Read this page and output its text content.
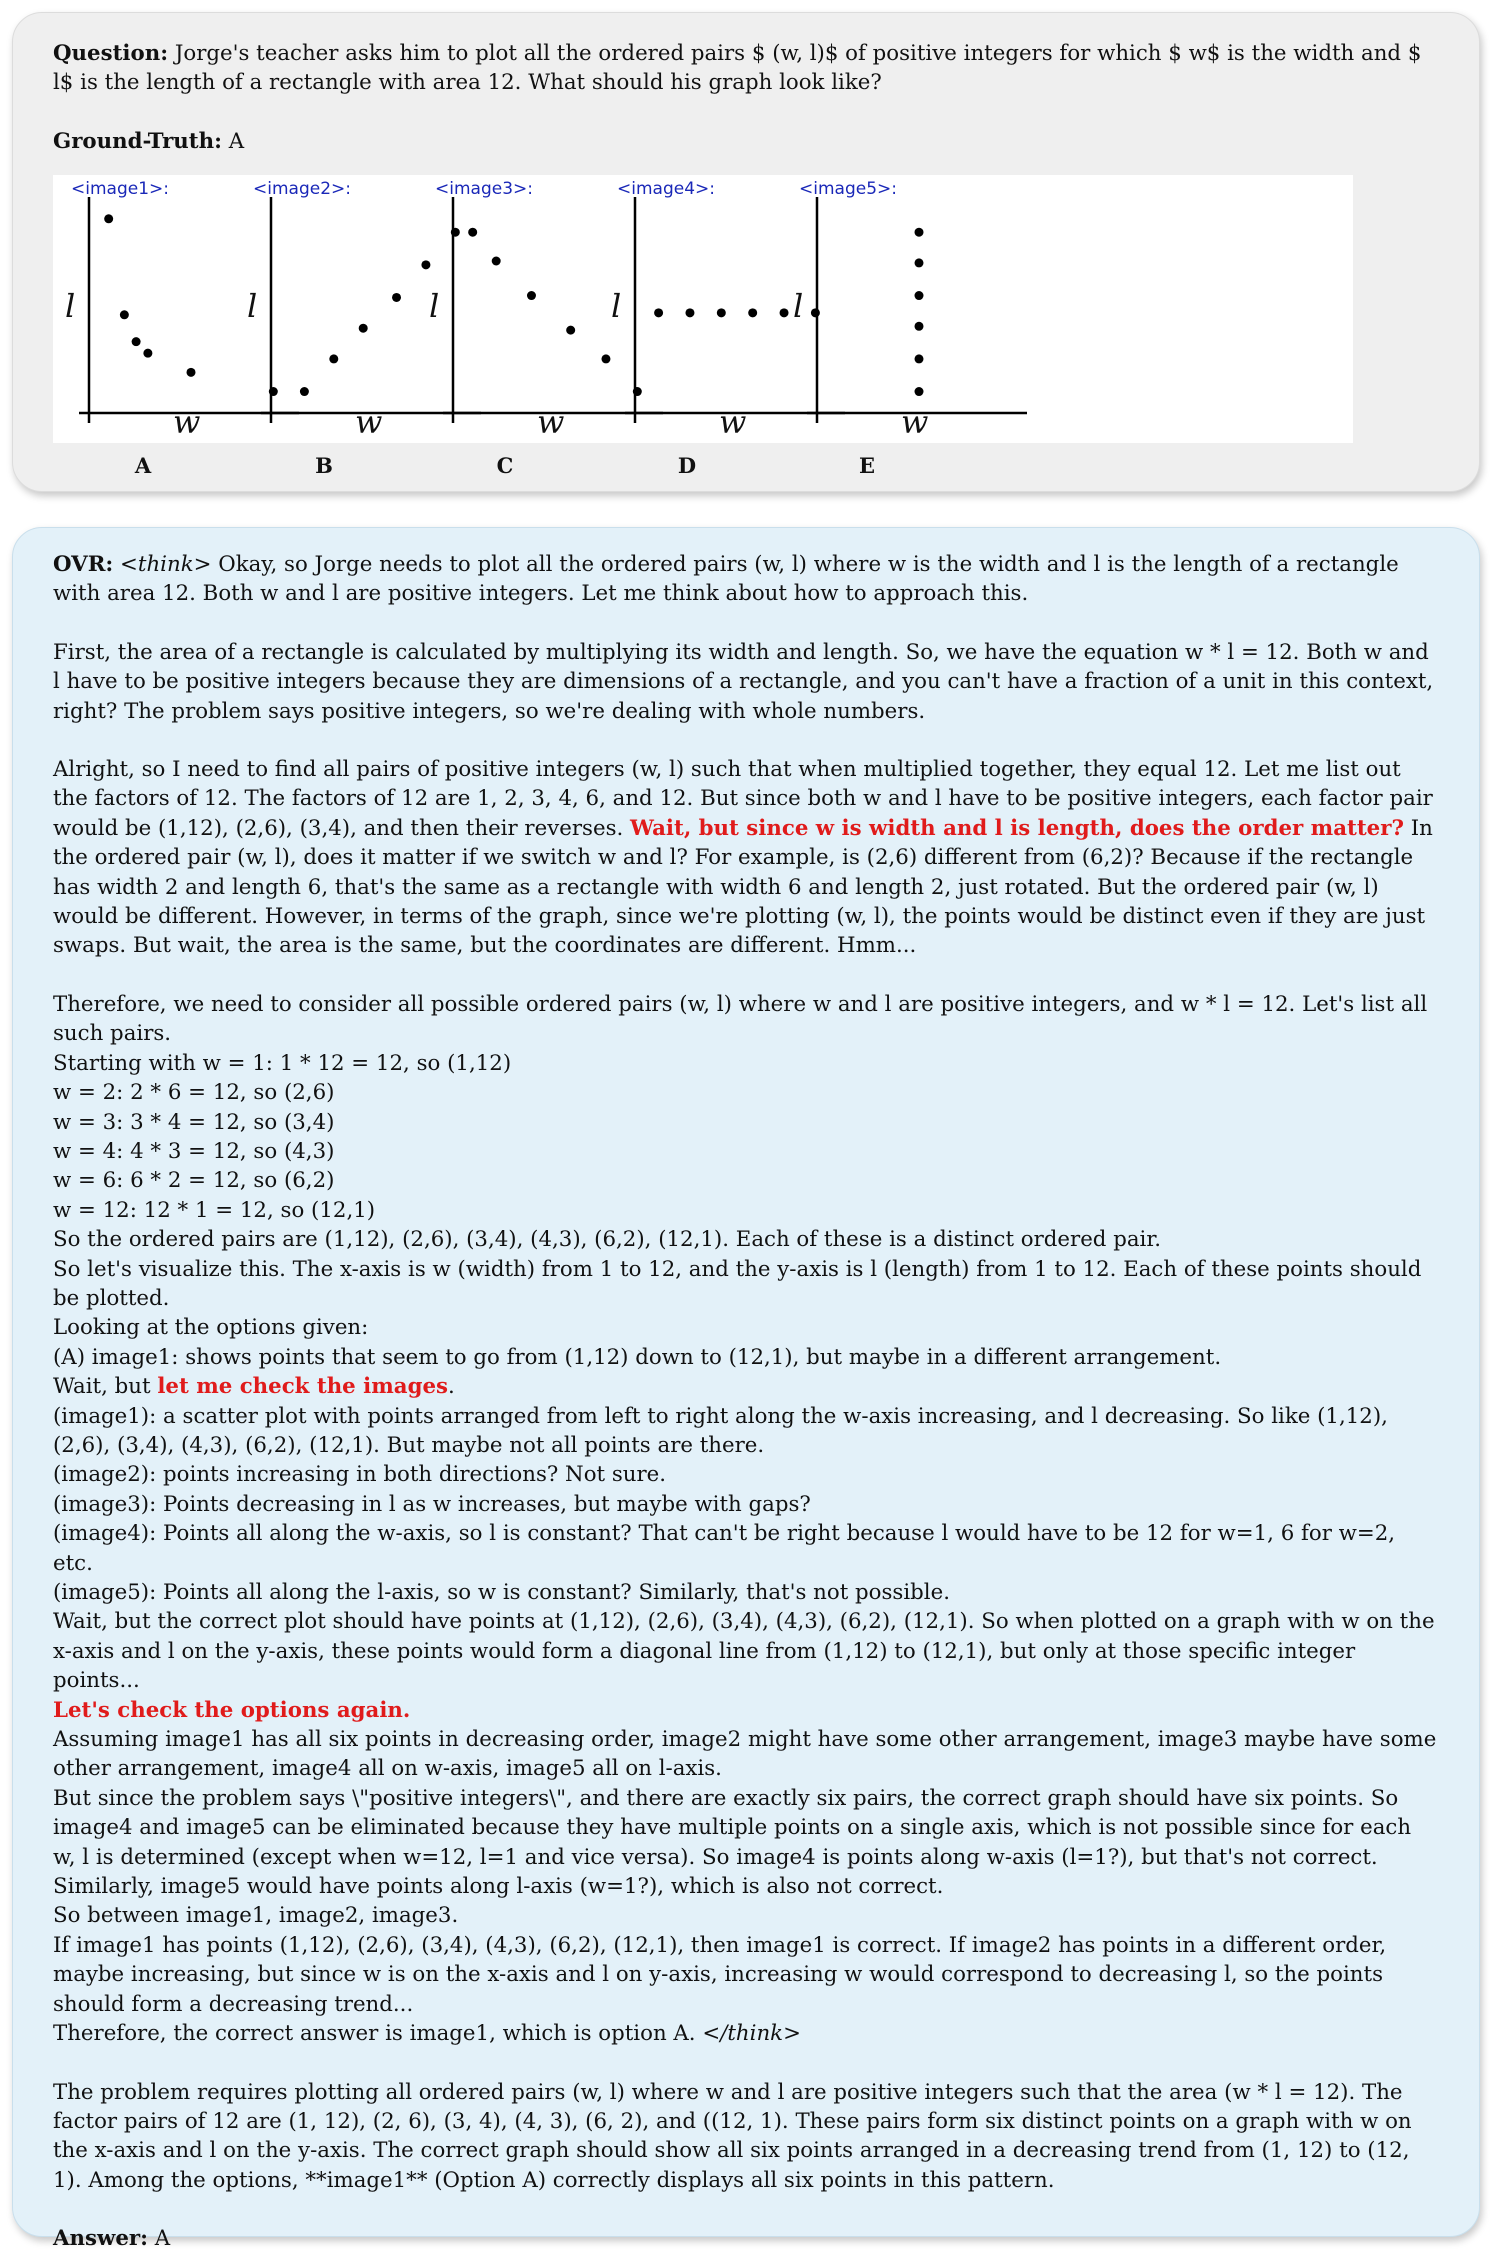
Question: Jorge's teacher asks him to plot all the ordered pairs $ (w, l)$ of positive integers for which $ w$ is the width and $ l$ is the length of a rectangle with area 12. What should his graph look like?

Ground-Truth: A

<image1>:
l
w
<image2>:
l
w
<image3>:
l
w
<image4>:
l
w
<image5>:
l
w
A	B	C	D	E

OVR: <think> Okay, so Jorge needs to plot all the ordered pairs (w, l) where w is the width and l is the length of a rectangle with area 12. Both w and l are positive integers. Let me think about how to approach this.

First, the area of a rectangle is calculated by multiplying its width and length. So, we have the equation w * l = 12. Both w and l have to be positive integers because they are dimensions of a rectangle, and you can't have a fraction of a unit in this context, right? The problem says positive integers, so we're dealing with whole numbers.

Alright, so I need to find all pairs of positive integers (w, l) such that when multiplied together, they equal 12. Let me list out the factors of 12. The factors of 12 are 1, 2, 3, 4, 6, and 12. But since both w and l have to be positive integers, each factor pair would be (1,12), (2,6), (3,4), and then their reverses. Wait, but since w is width and l is length, does the order matter? In the ordered pair (w, l), does it matter if we switch w and l? For example, is (2,6) different from (6,2)? Because if the rectangle has width 2 and length 6, that's the same as a rectangle with width 6 and length 2, just rotated. But the ordered pair (w, l) would be different. However, in terms of the graph, since we're plotting (w, l), the points would be distinct even if they are just swaps. But wait, the area is the same, but the coordinates are different. Hmm...

Therefore, we need to consider all possible ordered pairs (w, l) where w and l are positive integers, and w * l = 12. Let's list all such pairs.

Starting with w = 1: 1 * 12 = 12, so (1,12)

w = 2: 2 * 6 = 12, so (2,6)

w = 3: 3 * 4 = 12, so (3,4)

w = 4: 4 * 3 = 12, so (4,3)

w = 6: 6 * 2 = 12, so (6,2)

w = 12: 12 * 1 = 12, so (12,1)

So the ordered pairs are (1,12), (2,6), (3,4), (4,3), (6,2), (12,1). Each of these is a distinct ordered pair.

So let's visualize this. The x-axis is w (width) from 1 to 12, and the y-axis is l (length) from 1 to 12. Each of these points should be plotted.

Looking at the options given:

(A) image1: shows points that seem to go from (1,12) down to (12,1), but maybe in a different arrangement.

Wait, but let me check the images.

(image1): a scatter plot with points arranged from left to right along the w-axis increasing, and l decreasing. So like (1,12), (2,6), (3,4), (4,3), (6,2), (12,1). But maybe not all points are there.

(image2): points increasing in both directions? Not sure.

(image3): Points decreasing in l as w increases, but maybe with gaps?

(image4): Points all along the w-axis, so l is constant? That can't be right because l would have to be 12 for w=1, 6 for w=2, etc.

(image5): Points all along the l-axis, so w is constant? Similarly, that's not possible.

Wait, but the correct plot should have points at (1,12), (2,6), (3,4), (4,3), (6,2), (12,1). So when plotted on a graph with w on the x-axis and l on the y-axis, these points would form a diagonal line from (1,12) to (12,1), but only at those specific integer points...

Let's check the options again.

Assuming image1 has all six points in decreasing order, image2 might have some other arrangement, image3 maybe have some other arrangement, image4 all on w-axis, image5 all on l-axis.

But since the problem says \"positive integers\", and there are exactly six pairs, the correct graph should have six points. So image4 and image5 can be eliminated because they have multiple points on a single axis, which is not possible since for each w, l is determined (except when w=12, l=1 and vice versa). So image4 is points along w-axis (l=1?), but that's not correct. Similarly, image5 would have points along l-axis (w=1?), which is also not correct.

So between image1, image2, image3.

If image1 has points (1,12), (2,6), (3,4), (4,3), (6,2), (12,1), then image1 is correct. If image2 has points in a different order, maybe increasing, but since w is on the x-axis and l on y-axis, increasing w would correspond to decreasing l, so the points should form a decreasing trend...

Therefore, the correct answer is image1, which is option A. </think>

The problem requires plotting all ordered pairs (w, l) where w and l are positive integers such that the area (w * l = 12). The factor pairs of 12 are (1, 12), (2, 6), (3, 4), (4, 3), (6, 2), and ((12, 1). These pairs form six distinct points on a graph with w on the x-axis and l on the y-axis. The correct graph should show all six points arranged in a decreasing trend from (1, 12) to (12, 1). Among the options, **image1** (Option A) correctly displays all six points in this pattern.

Answer: A
